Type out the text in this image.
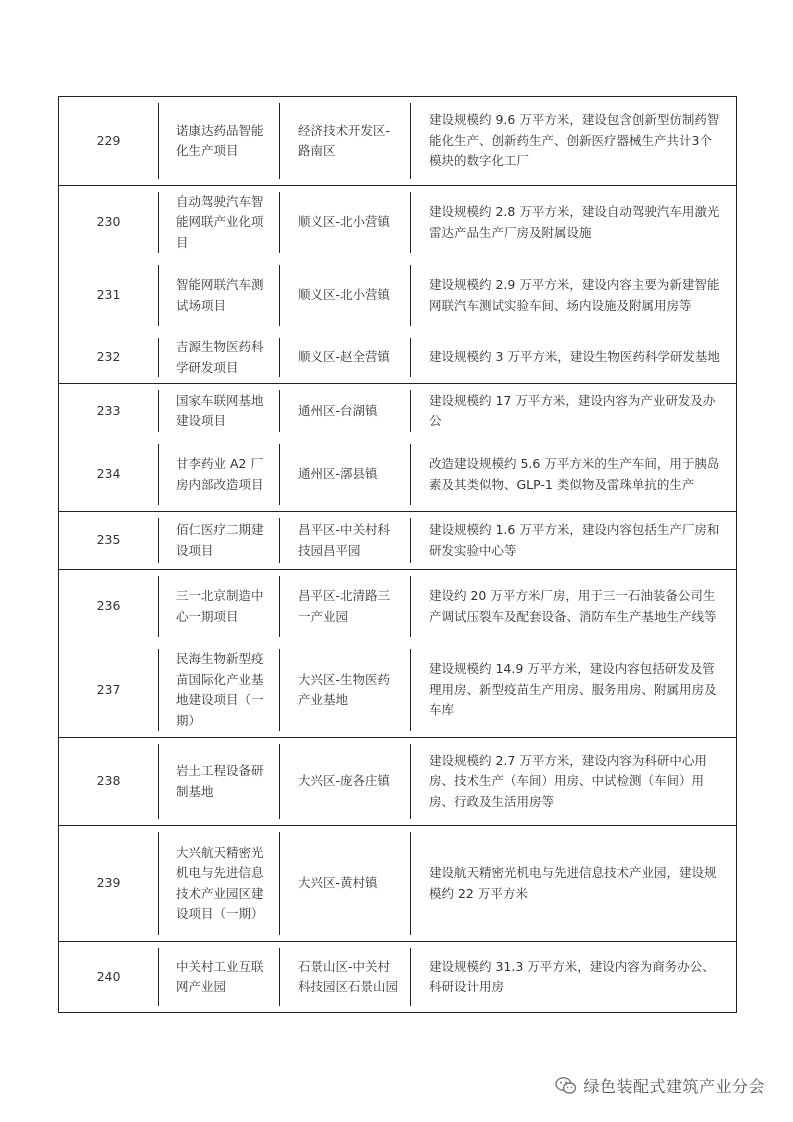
229
诺康达药品智能化生产项目
经济技术开发区-路南区
建设规模约 9.6 万平方米，建设包含创新型仿制药智能化生产、创新药生产、创新医疗器械生产共计3个模块的数字化工厂
230
自动驾驶汽车智能网联产业化项目
顺义区-北小营镇
建设规模约 2.8 万平方米，建设自动驾驶汽车用激光雷达产品生产厂房及附属设施
231
智能网联汽车测试场项目
顺义区-北小营镇
建设规模约 2.9 万平方米，建设内容主要为新建智能网联汽车测试实验车间、场内设施及附属用房等
232
吉源生物医药科学研发项目
顺义区-赵全营镇	建设规模约 3 万平方米，建设生物医药科学研发基地
233
国家车联网基地建设项目
通州区-台湖镇
建设规模约 17 万平方米，建设内容为产业研发及办公
234
甘李药业 A2 厂房内部改造项目
通州区-漷县镇
改造建设规模约 5.6 万平方米的生产车间，用于胰岛素及其类似物、GLP-1 类似物及雷珠单抗的生产
235
佰仁医疗二期建设项目
昌平区-中关村科技园昌平园
建设规模约 1.6 万平方米，建设内容包括生产厂房和研发实验中心等
236
三一北京制造中心一期项目
昌平区-北清路三一产业园
建设约 20 万平方米厂房，用于三一石油装备公司生产调试压裂车及配套设备、消防车生产基地生产线等
237
民海生物新型疫苗国际化产业基地建设项目（一期）
大兴区-生物医药产业基地
建设规模约 14.9 万平方米，建设内容包括研发及管理用房、新型疫苗生产用房、服务用房、附属用房及车库
238
岩土工程设备研制基地
大兴区-庞各庄镇
建设规模约 2.7 万平方米，建设内容为科研中心用房、技术生产（车间）用房、中试检测（车间）用房、行政及生活用房等
239
大兴航天精密光机电与先进信息技术产业园区建设项目（一期）
大兴区-黄村镇
建设航天精密光机电与先进信息技术产业园，建设规模约 22 万平方米
240
中关村工业互联网产业园
石景山区-中关村科技园区石景山园
建设规模约 31.3 万平方米，建设内容为商务办公、科研设计用房
绿色装配式建筑产业分会
